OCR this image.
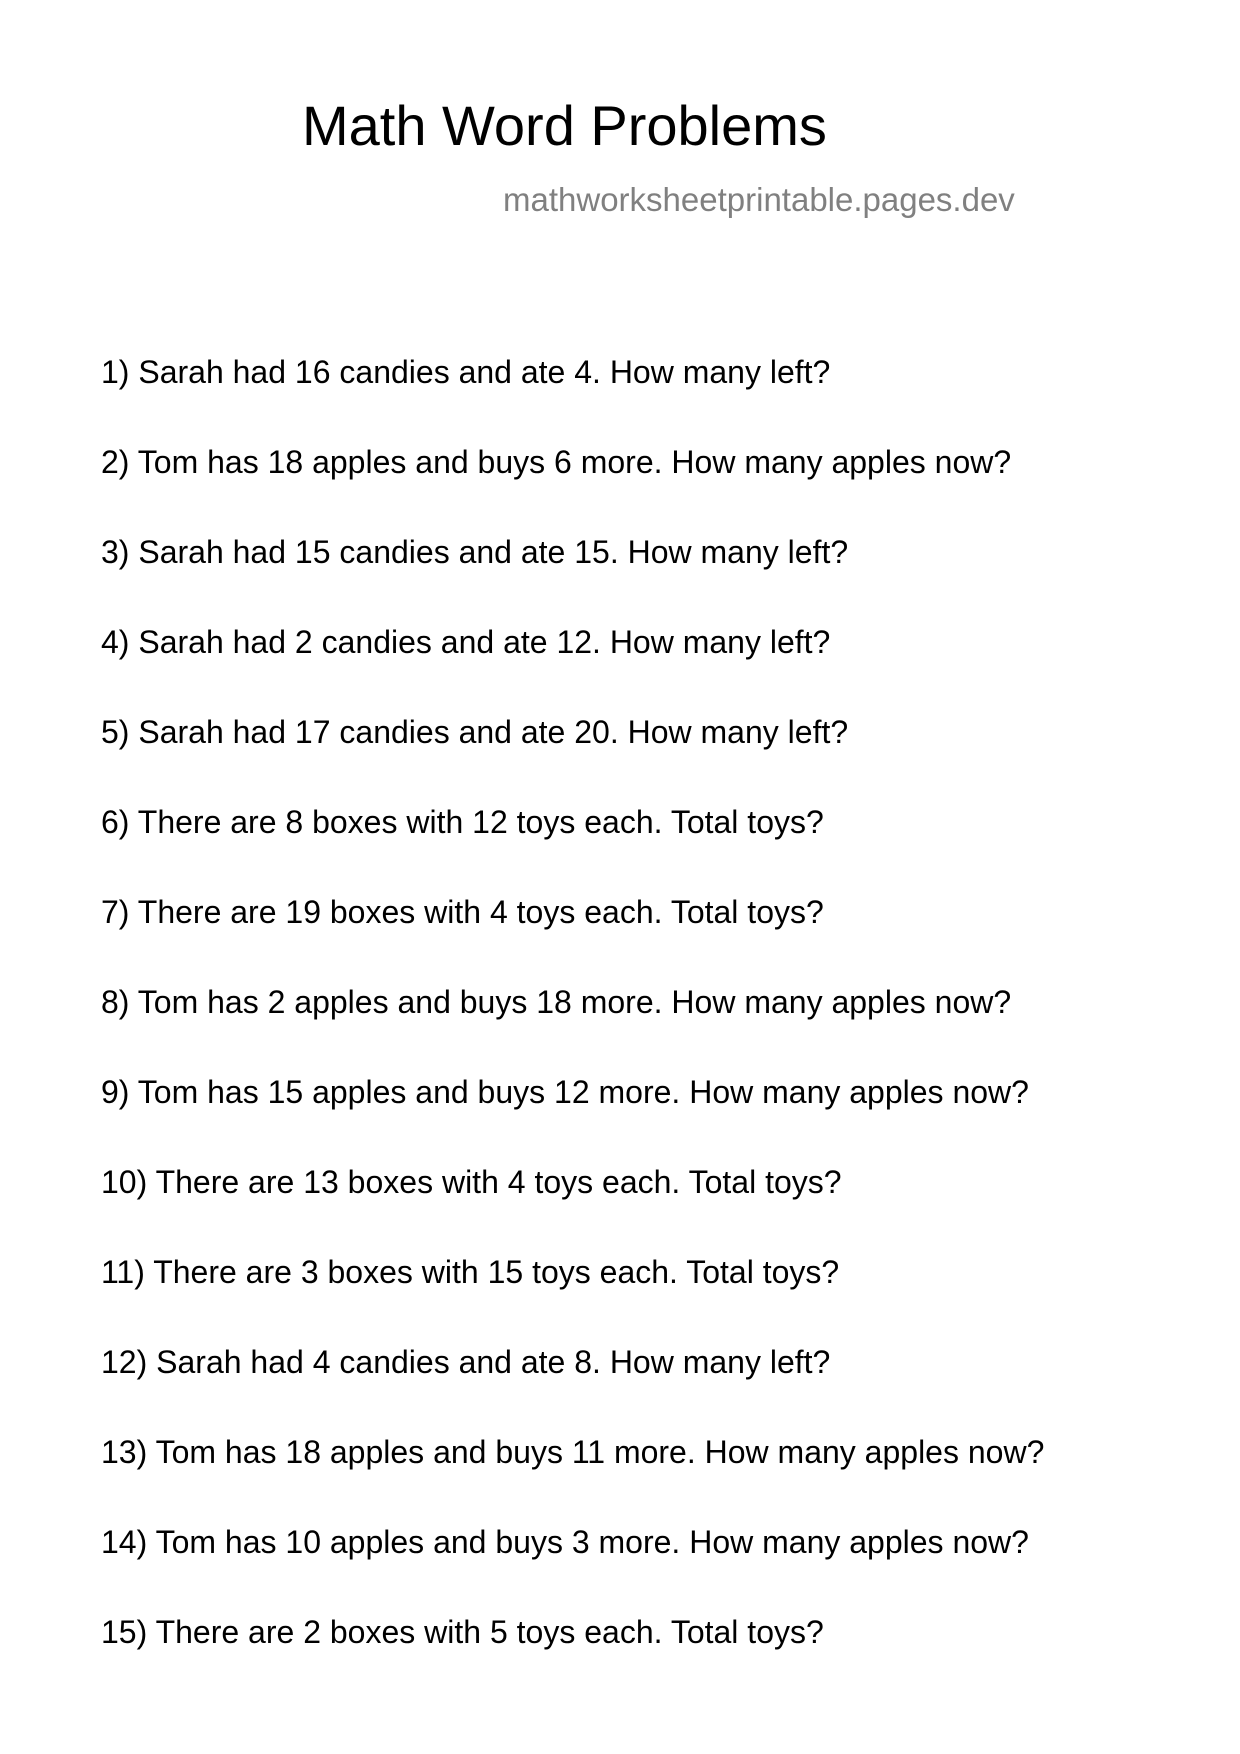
Math Word Problems
mathworksheetprintable.pages.dev
1) Sarah had 16 candies and ate 4. How many left?
2) Tom has 18 apples and buys 6 more. How many apples now?
3) Sarah had 15 candies and ate 15. How many left?
4) Sarah had 2 candies and ate 12. How many left?
5) Sarah had 17 candies and ate 20. How many left?
6) There are 8 boxes with 12 toys each. Total toys?
7) There are 19 boxes with 4 toys each. Total toys?
8) Tom has 2 apples and buys 18 more. How many apples now?
9) Tom has 15 apples and buys 12 more. How many apples now?
10) There are 13 boxes with 4 toys each. Total toys?
11) There are 3 boxes with 15 toys each. Total toys?
12) Sarah had 4 candies and ate 8. How many left?
13) Tom has 18 apples and buys 11 more. How many apples now?
14) Tom has 10 apples and buys 3 more. How many apples now?
15) There are 2 boxes with 5 toys each. Total toys?
